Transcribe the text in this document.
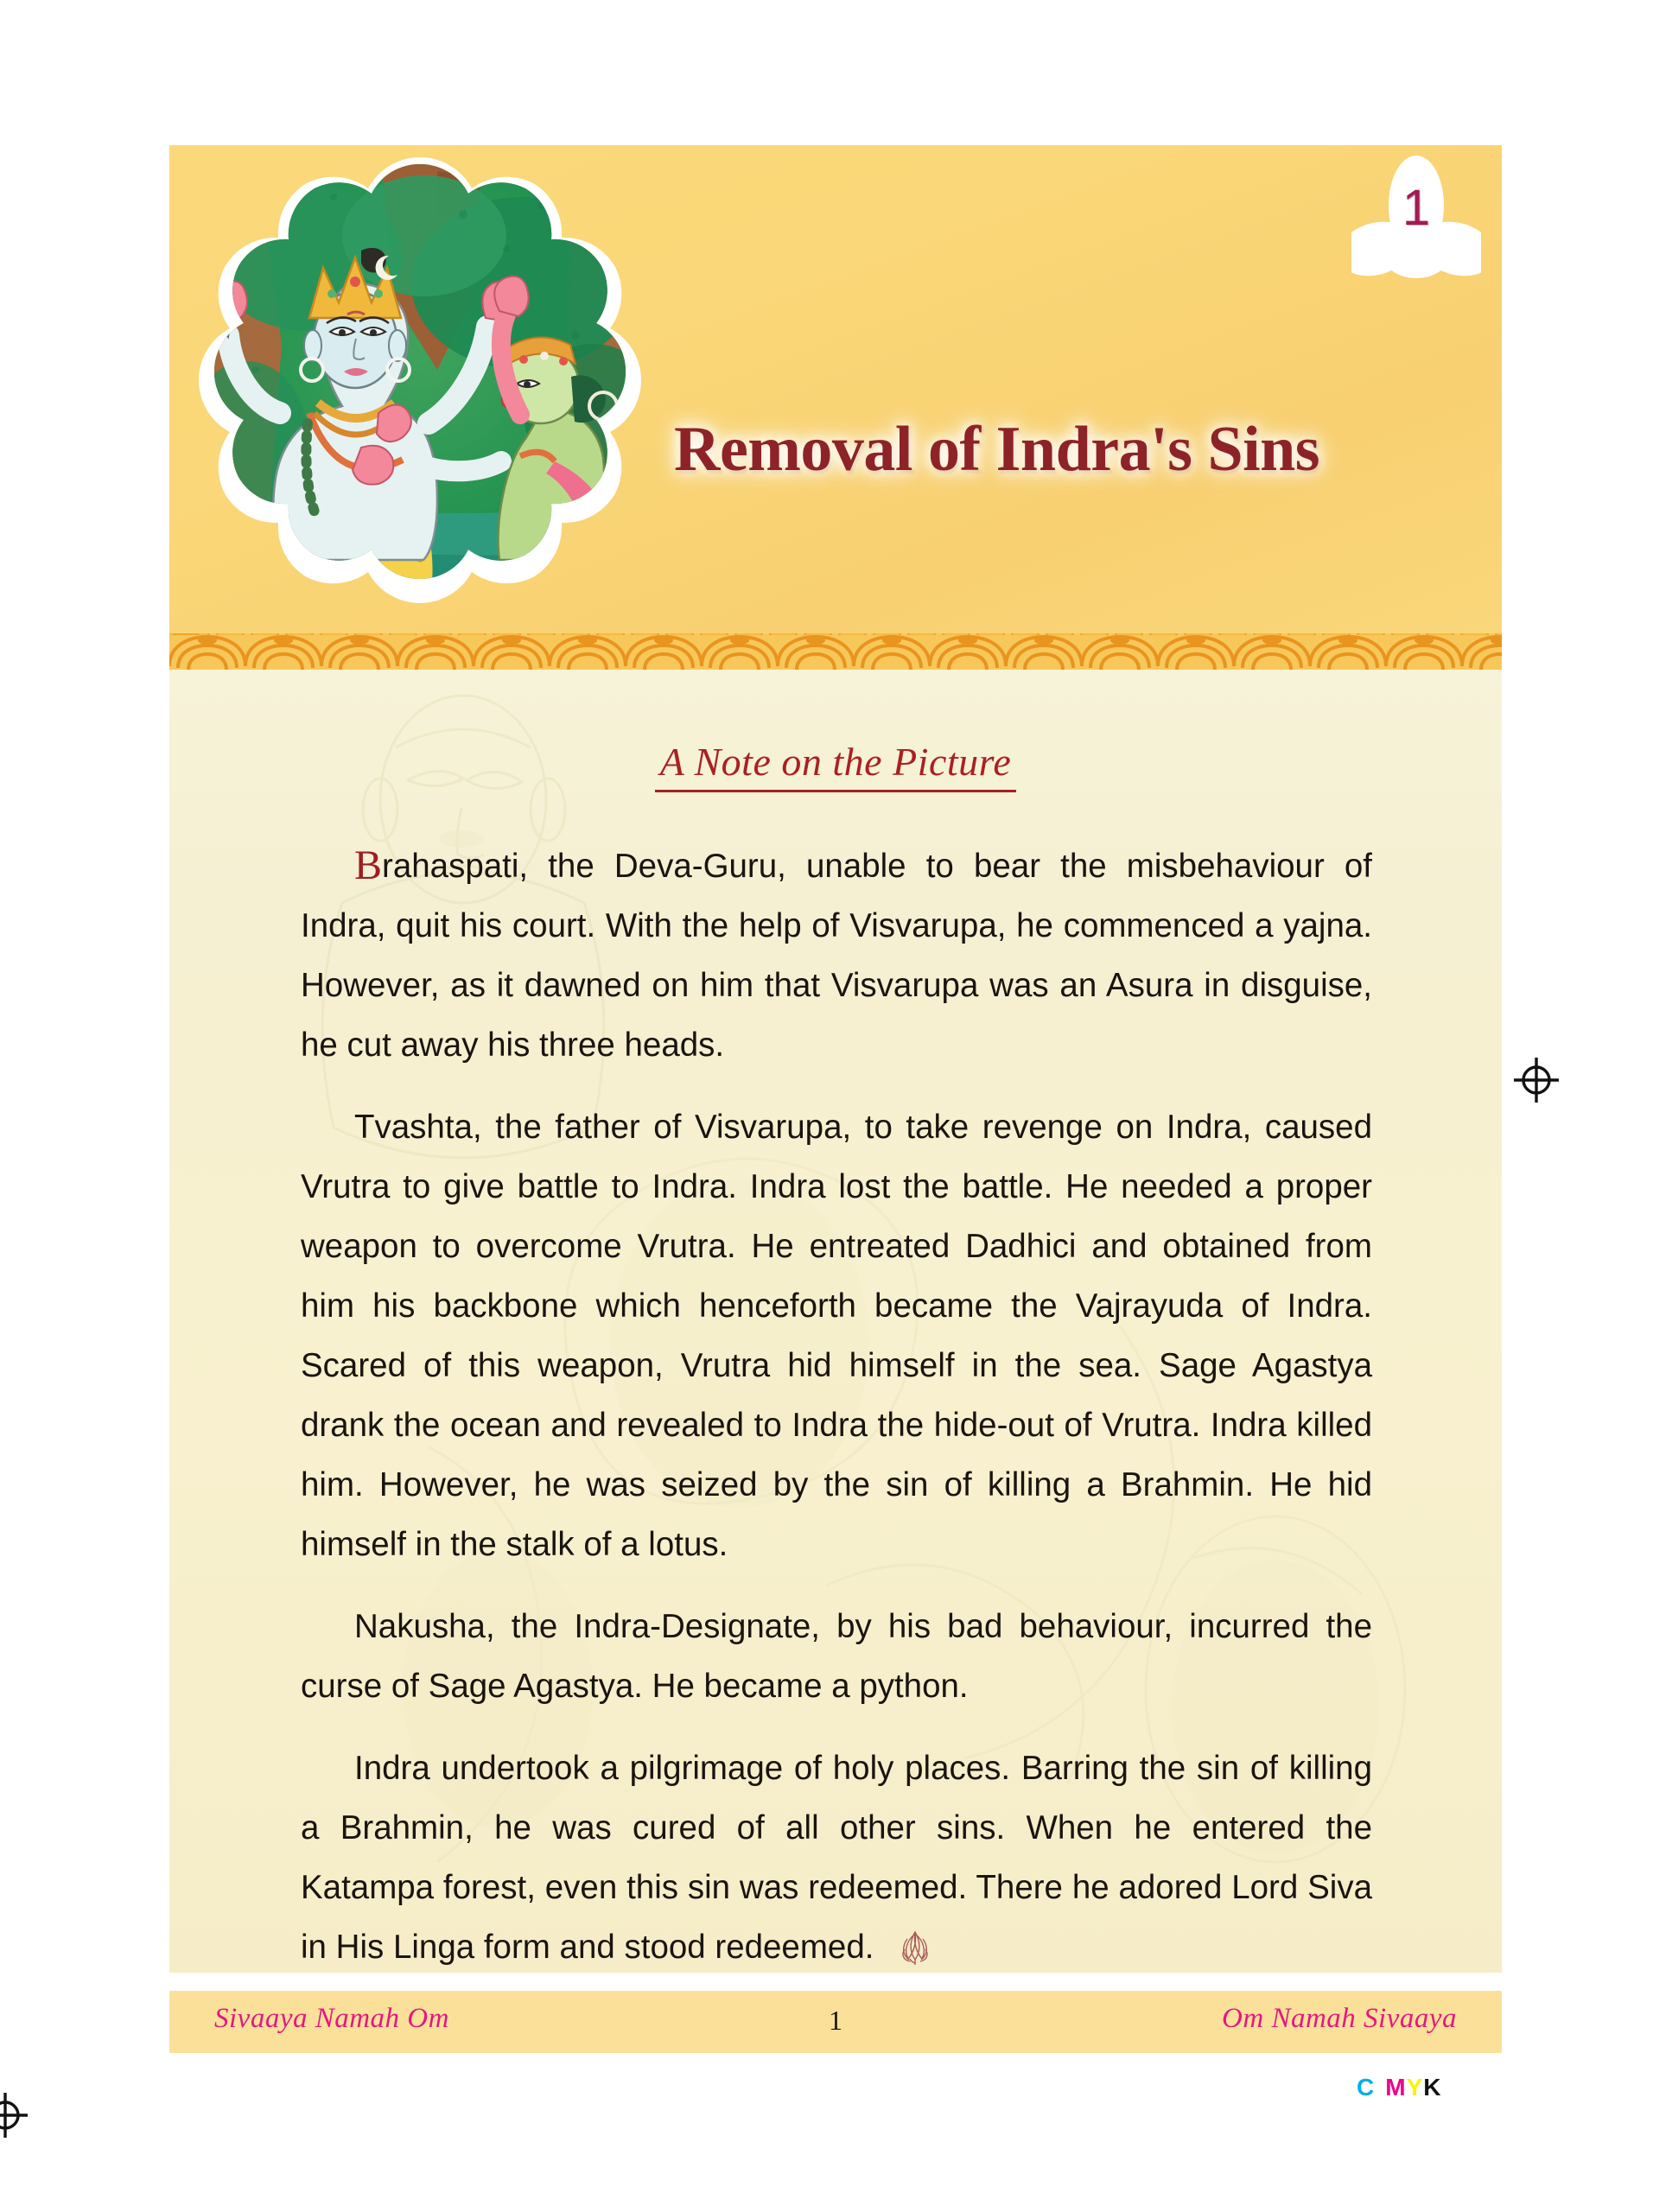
1
Removal of Indra's Sins
A Note on the Picture

Brahaspati, the Deva-Guru, unable to bear the misbehaviour of Indra, quit his court. With the help of Visvarupa, he commenced a yajna. However, as it dawned on him that Visvarupa was an Asura in disguise, he cut away his three heads.

Tvashta, the father of Visvarupa, to take revenge on Indra, caused Vrutra to give battle to Indra. Indra lost the battle. He needed a proper weapon to overcome Vrutra. He entreated Dadhici and obtained from him his backbone which henceforth became the Vajrayuda of Indra. Scared of this weapon, Vrutra hid himself in the sea. Sage Agastya drank the ocean and revealed to Indra the hide-out of Vrutra. Indra killed him. However, he was seized by the sin of killing a Brahmin. He hid himself in the stalk of a lotus.

Nakusha, the Indra-Designate, by his bad behaviour, incurred the curse of Sage Agastya. He became a python.

Indra undertook a pilgrimage of holy places. Barring the sin of killing a Brahmin, he was cured of all other sins. When he entered the Katampa forest, even this sin was redeemed. There he adored Lord Siva in His Linga form and stood redeemed.

Sivaaya Namah Om	1	Om Namah Sivaaya
C MYK
